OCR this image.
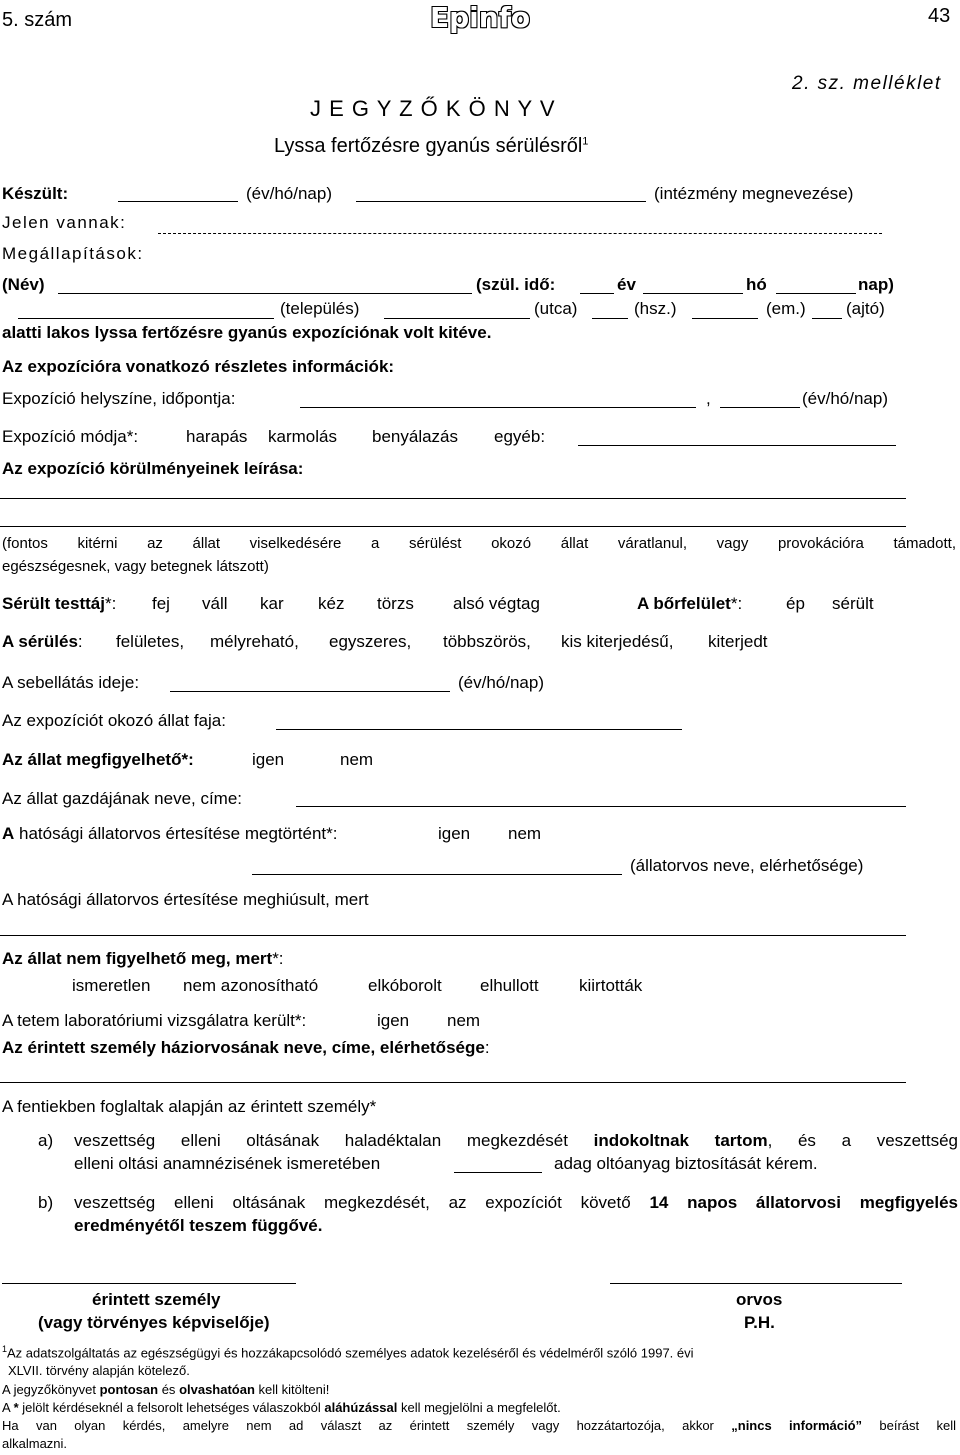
5. szám	Epinfo	43
2. sz. melléklet
J E G Y Z Ő K Ö N Y V
Lyssa fertőzésre gyanús sérülésről$^1$
Készült:	(év/hó/nap)	(intézmény megnevezése)
Jelen vannak:
Megállapítások:
(Név)	(szül. idő:	év	hó	nap)
(település)	(utca)	(hsz.)	(em.) (ajtó)
alatti lakos lyssa fertőzésre gyanús expozíciónak volt kitéve.
Az expozícióra vonatkozó részletes információk:
Expozíció helyszíne, időpontja:	,	(év/hó/nap)
Expozíció módja*:	harapás karmolás benyálazás egyéb:
Az expozíció körülményeinek leírása:
(fontos kitérni az állat viselkedésére a sérülést okozó állat váratlanul, vagy provokációra támadott,
egészségesnek, vagy betegnek látszott)
Sérült testtáj*: fej váll kar kéz törzs alsó végtag	A bőrfelület*:	ép sérült
A sérülés: felületes, mélyreható, egyszeres, többszörös, kis kiterjedésű, kiterjedt
A sebellátás ideje:	(év/hó/nap)
Az expozíciót okozó állat faja:
Az állat megfigyelhető*:	igen	nem
Az állat gazdájának neve, címe:
A hatósági állatorvos értesítése megtörtént*:	igen nem
(állatorvos neve, elérhetősége)
A hatósági állatorvos értesítése meghiúsult, mert
Az állat nem figyelhető meg, mert*:
ismeretlen nem azonosítható	elkóborolt elhullott kiirtották
A tetem laboratóriumi vizsgálatra került*:	igen nem
Az érintett személy háziorvosának neve, címe, elérhetősége:
A fentiekben foglaltak alapján az érintett személy*
a) veszettség elleni oltásának haladéktalan megkezdését indokoltnak tartom, és a veszettség
elleni oltási anamnézisének ismeretében	adag oltóanyag biztosítását kérem.
b) veszettség elleni oltásának megkezdését, az expozíciót követő 14 napos állatorvosi megfigyelés
eredményétől teszem függővé.
érintett személy
(vagy törvényes képviselője)
orvos
P.H.
$^1$Az adatszolgáltatás az egészségügyi és hozzákapcsolódó személyes adatok kezeléséről és védelméről szóló 1997. évi
XLVII. törvény alapján kötelező.
A jegyzőkönyvet pontosan és olvashatóan kell kitölteni!
A * jelölt kérdéseknél a felsorolt lehetséges válaszokból aláhúzással kell megjelölni a megfelelőt.
Ha van olyan kérdés, amelyre nem ad választ az érintett személy vagy hozzátartozója, akkor „nincs információ” beírást kell
alkalmazni.
